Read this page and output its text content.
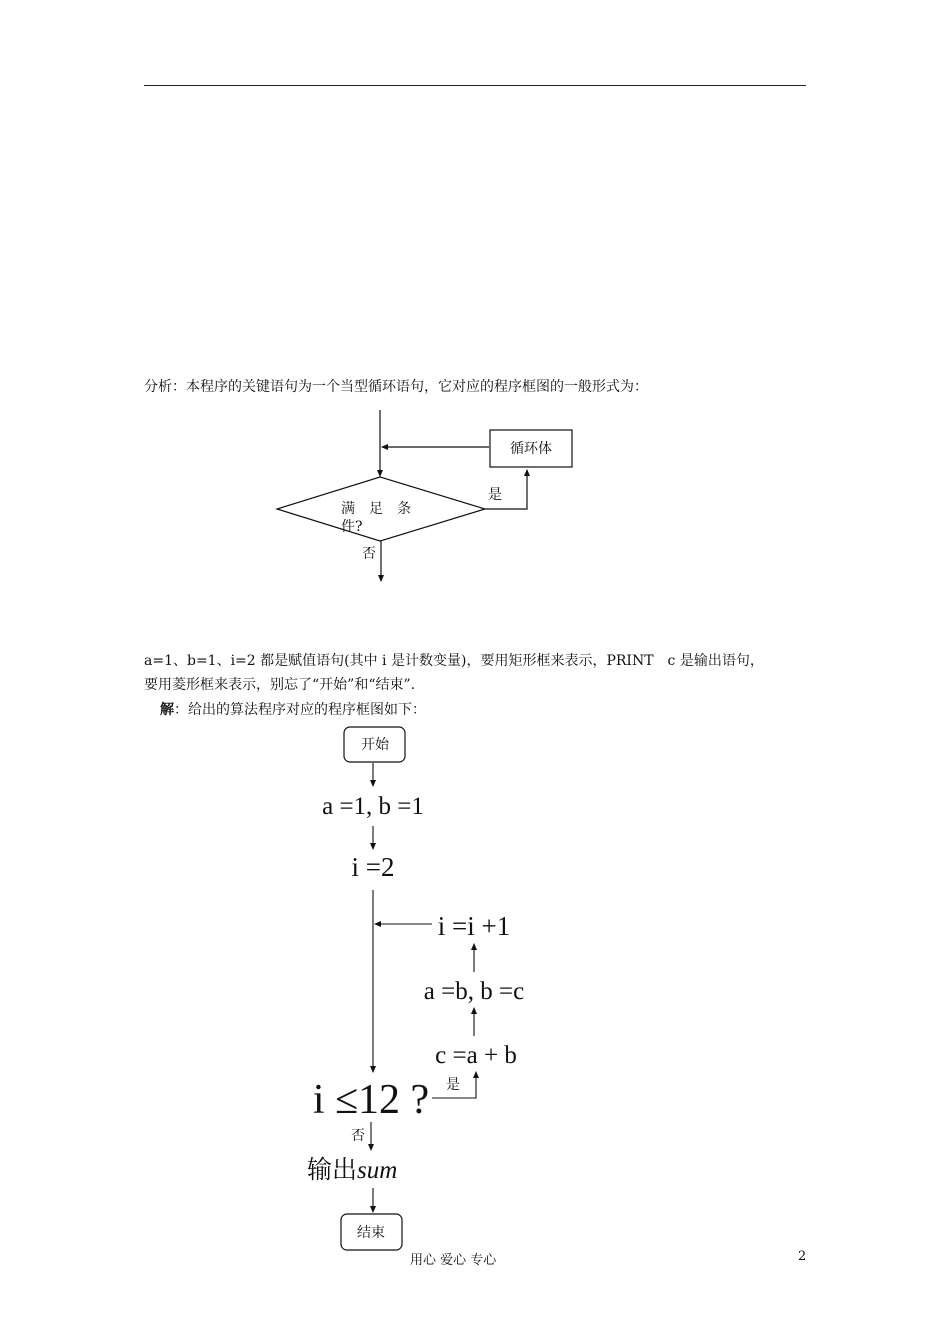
分析：本程序的关键语句为一个当型循环语句，它对应的程序框图的一般形式为：
循环体
满　足　条
件?
是
否
开始
a =1, b =1
i =2
i =i +1
a =b, b =c
c =a + b
i ≤12 ? 是
否
输出sum
结束
a=1、b=1、i=2 都是赋值语句(其中 i 是计数变量)，要用矩形框来表示，PRINT　c 是输出语句，
要用菱形框来表示，别忘了“开始”和“结束”.
解：给出的算法程序对应的程序框图如下：
用心 爱心 专心	2
